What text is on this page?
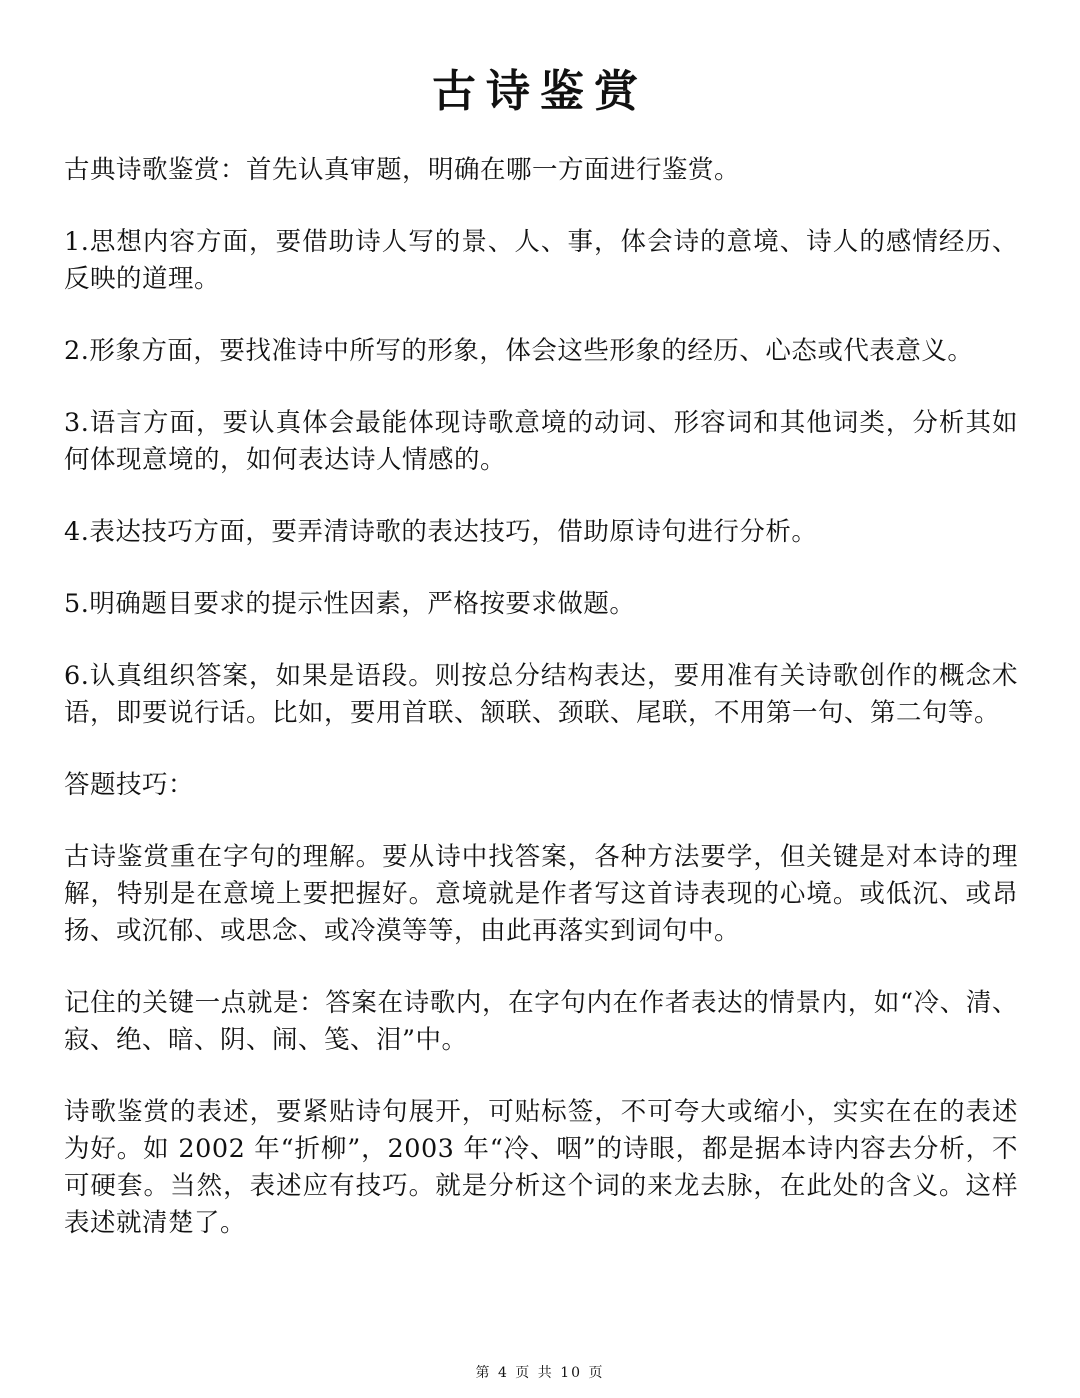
古诗鉴赏

古典诗歌鉴赏：首先认真审题，明确在哪一方面进行鉴赏。

1.思想内容方面，要借助诗人写的景、人、事，体会诗的意境、诗人的感情经历、反映的道理。

2.形象方面，要找准诗中所写的形象，体会这些形象的经历、心态或代表意义。

3.语言方面，要认真体会最能体现诗歌意境的动词、形容词和其他词类，分析其如何体现意境的，如何表达诗人情感的。

4.表达技巧方面，要弄清诗歌的表达技巧，借助原诗句进行分析。

5.明确题目要求的提示性因素，严格按要求做题。

6.认真组织答案，如果是语段。则按总分结构表达，要用准有关诗歌创作的概念术语，即要说行话。比如，要用首联、颔联、颈联、尾联，不用第一句、第二句等。

答题技巧：

古诗鉴赏重在字句的理解。要从诗中找答案，各种方法要学，但关键是对本诗的理解，特别是在意境上要把握好。意境就是作者写这首诗表现的心境。或低沉、或昂扬、或沉郁、或思念、或冷漠等等，由此再落实到词句中。

记住的关键一点就是：答案在诗歌内，在字句内在作者表达的情景内，如“冷、清、寂、绝、暗、阴、闹、笺、泪”中。

诗歌鉴赏的表述，要紧贴诗句展开，可贴标签，不可夸大或缩小，实实在在的表述为好。如 2002 年“折柳”，2003 年“冷、咽”的诗眼，都是据本诗内容去分析，不可硬套。当然，表述应有技巧。就是分析这个词的来龙去脉，在此处的含义。这样表述就清楚了。

第 4 页 共 10 页
